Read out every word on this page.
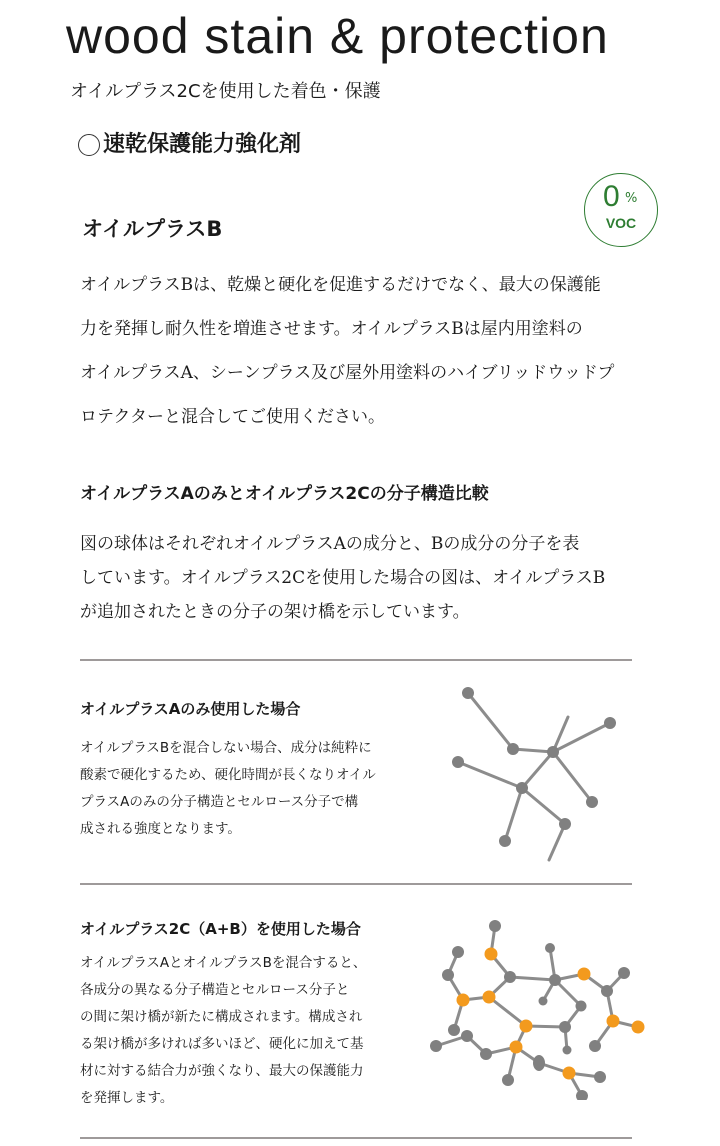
wood stain & protection
オイルプラス2Cを使用した着色・保護
速乾保護能力強化剤
オイルプラスB
0 %
VOC
オイルプラスBは、乾燥と硬化を促進するだけでなく、最大の保護能
力を発揮し耐久性を増進させます。オイルプラスBは屋内用塗料の
オイルプラスA、シーンプラス及び屋外用塗料のハイブリッドウッドプ
ロテクターと混合してご使用ください。
オイルプラスAのみとオイルプラス2Cの分子構造比較
図の球体はそれぞれオイルプラスAの成分と、Bの成分の分子を表
しています。オイルプラス2Cを使用した場合の図は、オイルプラスB
が追加されたときの分子の架け橋を示しています。
オイルプラスAのみ使用した場合
オイルプラスBを混合しない場合、成分は純粋に
酸素で硬化するため、硬化時間が長くなりオイル
プラスAのみの分子構造とセルロース分子で構
成される強度となります。
オイルプラス2C（A+B）を使用した場合
オイルプラスAとオイルプラスBを混合すると、
各成分の異なる分子構造とセルロース分子と
の間に架け橋が新たに構成されます。構成され
る架け橋が多ければ多いほど、硬化に加えて基
材に対する結合力が強くなり、最大の保護能力
を発揮します。
